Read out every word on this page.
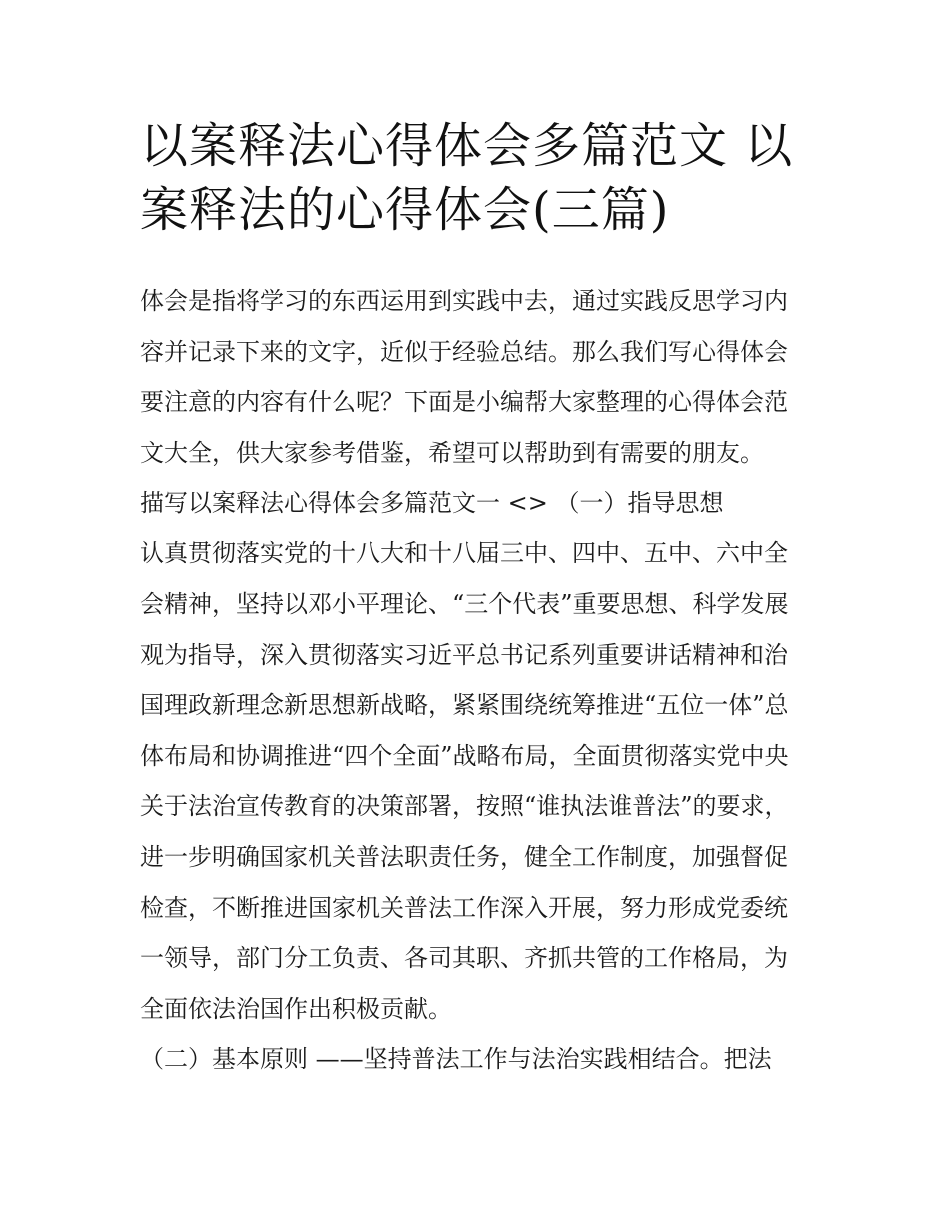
以案释法心得体会多篇范文 以
案释法的心得体会(三篇)
体会是指将学习的东西运用到实践中去，通过实践反思学习内
容并记录下来的文字，近似于经验总结。那么我们写心得体会
要注意的内容有什么呢？下面是小编帮大家整理的心得体会范
文大全，供大家参考借鉴，希望可以帮助到有需要的朋友。
描写以案释法心得体会多篇范文一 <> （一）指导思想
认真贯彻落实党的十八大和十八届三中、四中、五中、六中全
会精神，坚持以邓小平理论、“三个代表”重要思想、科学发展
观为指导，深入贯彻落实习近平总书记系列重要讲话精神和治
国理政新理念新思想新战略，紧紧围绕统筹推进“五位一体”总
体布局和协调推进“四个全面”战略布局，全面贯彻落实党中央
关于法治宣传教育的决策部署，按照“谁执法谁普法”的要求，
进一步明确国家机关普法职责任务，健全工作制度，加强督促
检查，不断推进国家机关普法工作深入开展，努力形成党委统
一领导，部门分工负责、各司其职、齐抓共管的工作格局，为
全面依法治国作出积极贡献。
（二）基本原则 ——坚持普法工作与法治实践相结合。把法
